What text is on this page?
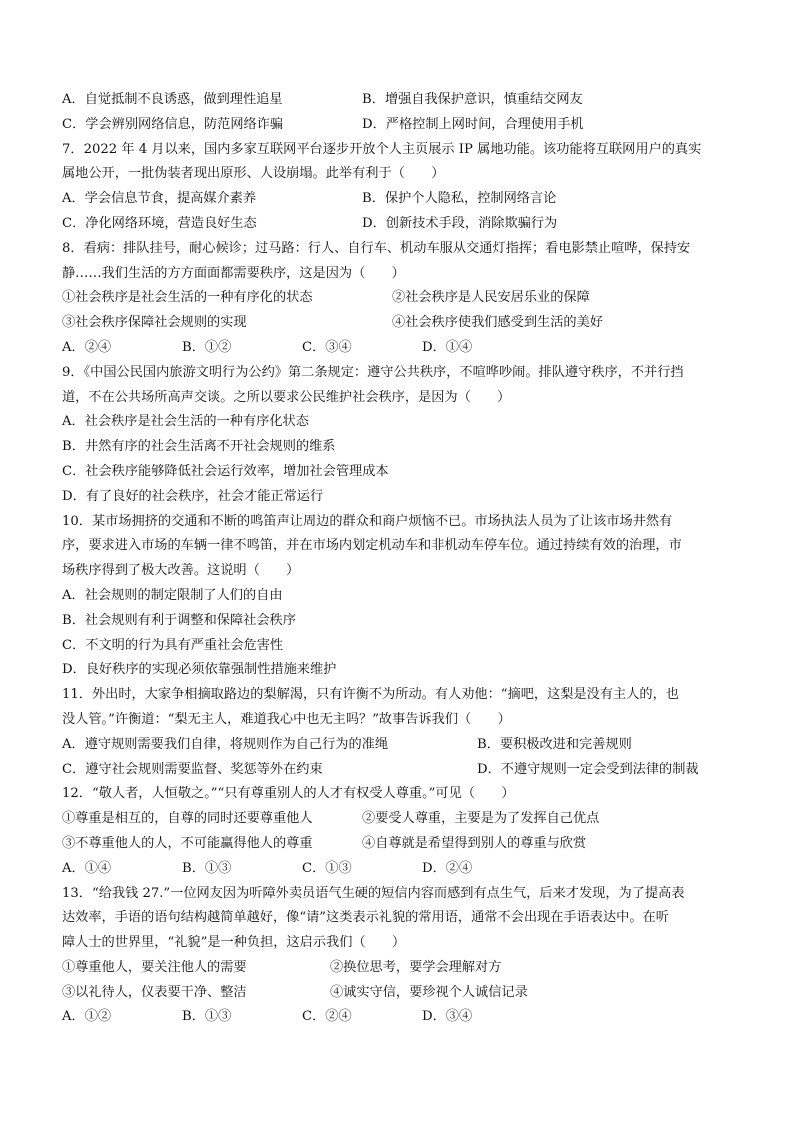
A．自觉抵制不良诱惑，做到理性追星	B．增强自我保护意识，慎重结交网友
C．学会辨别网络信息，防范网络诈骗	D．严格控制上网时间，合理使用手机
7．2022 年 4 月以来，国内多家互联网平台逐步开放个人主页展示 IP 属地功能。该功能将互联网用户的真实
属地公开，一批伪装者现出原形、人设崩塌。此举有利于（　　）
A．学会信息节食，提高媒介素养	B．保护个人隐私，控制网络言论
C．净化网络环境，营造良好生态	D．创新技术手段，消除欺骗行为
8．看病：排队挂号，耐心候诊；过马路：行人、自行车、机动车服从交通灯指挥；看电影禁止喧哗，保持安
静……我们生活的方方面面都需要秩序，这是因为（　　）
①社会秩序是社会生活的一种有序化的状态	②社会秩序是人民安居乐业的保障
③社会秩序保障社会规则的实现	④社会秩序使我们感受到生活的美好
A．②④	B．①②	C．③④	D．①④
9．《中国公民国内旅游文明行为公约》第二条规定：遵守公共秩序，不喧哗吵闹。排队遵守秩序，不并行挡
道，不在公共场所高声交谈。之所以要求公民维护社会秩序，是因为（　　）
A．社会秩序是社会生活的一种有序化状态
B．井然有序的社会生活离不开社会规则的维系
C．社会秩序能够降低社会运行效率，增加社会管理成本
D．有了良好的社会秩序，社会才能正常运行
10．某市场拥挤的交通和不断的鸣笛声让周边的群众和商户烦恼不已。市场执法人员为了让该市场井然有
序，要求进入市场的车辆一律不鸣笛，并在市场内划定机动车和非机动车停车位。通过持续有效的治理，市
场秩序得到了极大改善。这说明（　　）
A．社会规则的制定限制了人们的自由
B．社会规则有利于调整和保障社会秩序
C．不文明的行为具有严重社会危害性
D．良好秩序的实现必须依靠强制性措施来维护
11．外出时，大家争相摘取路边的梨解渴，只有许衡不为所动。有人劝他：“摘吧，这梨是没有主人的，也
没人管。”许衡道：“梨无主人，难道我心中也无主吗？”故事告诉我们（　　）
A．遵守规则需要我们自律，将规则作为自己行为的准绳	B．要积极改进和完善规则
C．遵守社会规则需要监督、奖惩等外在约束	D．不遵守规则一定会受到法律的制裁
12．“敬人者，人恒敬之。”“只有尊重别人的人才有权受人尊重。”可见（　　）
①尊重是相互的，自尊的同时还要尊重他人	②要受人尊重，主要是为了发挥自己优点
③不尊重他人的人，不可能赢得他人的尊重	④自尊就是希望得到别人的尊重与欣赏
A．①④	B．①③	C．①③	D．②④
13．“给我钱 27.”一位网友因为听障外卖员语气生硬的短信内容而感到有点生气，后来才发现，为了提高表
达效率，手语的语句结构越简单越好，像“请”这类表示礼貌的常用语，通常不会出现在手语表达中。在听
障人士的世界里，“礼貌”是一种负担，这启示我们（　　）
①尊重他人，要关注他人的需要	②换位思考，要学会理解对方
③以礼待人，仪表要干净、整洁	④诚实守信，要珍视个人诚信记录
A．①②	B．①③	C．②④	D．③④
